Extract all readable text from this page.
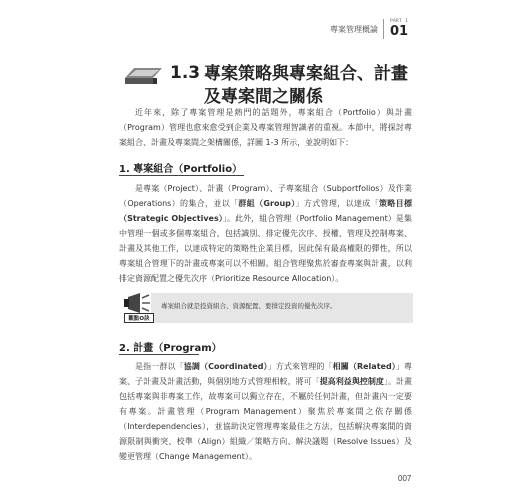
專案管理概論
PART 1
01
1.3 專案策略與專案組合、計畫及專案間之關係

近年來，除了專案管理是熱門的話題外，專案組合（Portfolio）與計畫（Program）管理也愈來愈受到企業及專案管理智識者的重視。本節中，將探討專案組合、計畫及專案間之架構關係，詳圖 1-3 所示，並說明如下：

1. 專案組合（Portfolio）

是專案（Project）、計畫（Program）、子專案組合（Subportfolios）及作業（Operations）的集合，並以「群組（Group）」方式管理，以達成「策略目標（Strategic Objectives）」。此外，組合管理（Portfolio Management）是集中管理一個或多個專案組合，包括識別、排定優先次序、授權、管理及控制專案、計畫及其他工作，以達成特定的策略性企業目標，因此保有最高權限的彈性，所以專案組合管理下的計畫或專案可以不相關。組合管理聚焦於審查專案與計畫，以利排定資源配置之優先次序（Prioritize Resource Allocation）。

專案組合就是投資組合、資源配置、要排定投資的優先次序。
觀點O訣
2. 計畫（Program）

是指一群以「協調（Coordinated）」方式來管理的「相關（Related）」專案、子計畫及計畫活動，與個別地方式管理相較，將可「提高利益與控制度」。計畫包括專案與非專案工作，故專案可以獨立存在，不屬於任何計畫，但計畫內一定要有專案。計畫管理（Program Management）聚焦於專案間之依存關係（Interdependencies），並協助決定管理專案最佳之方法，包括解決專案間的資源限制與衝突、校準（Align）組織／策略方向、解決議題（Resolve Issues）及變更管理（Change Management）。

007
